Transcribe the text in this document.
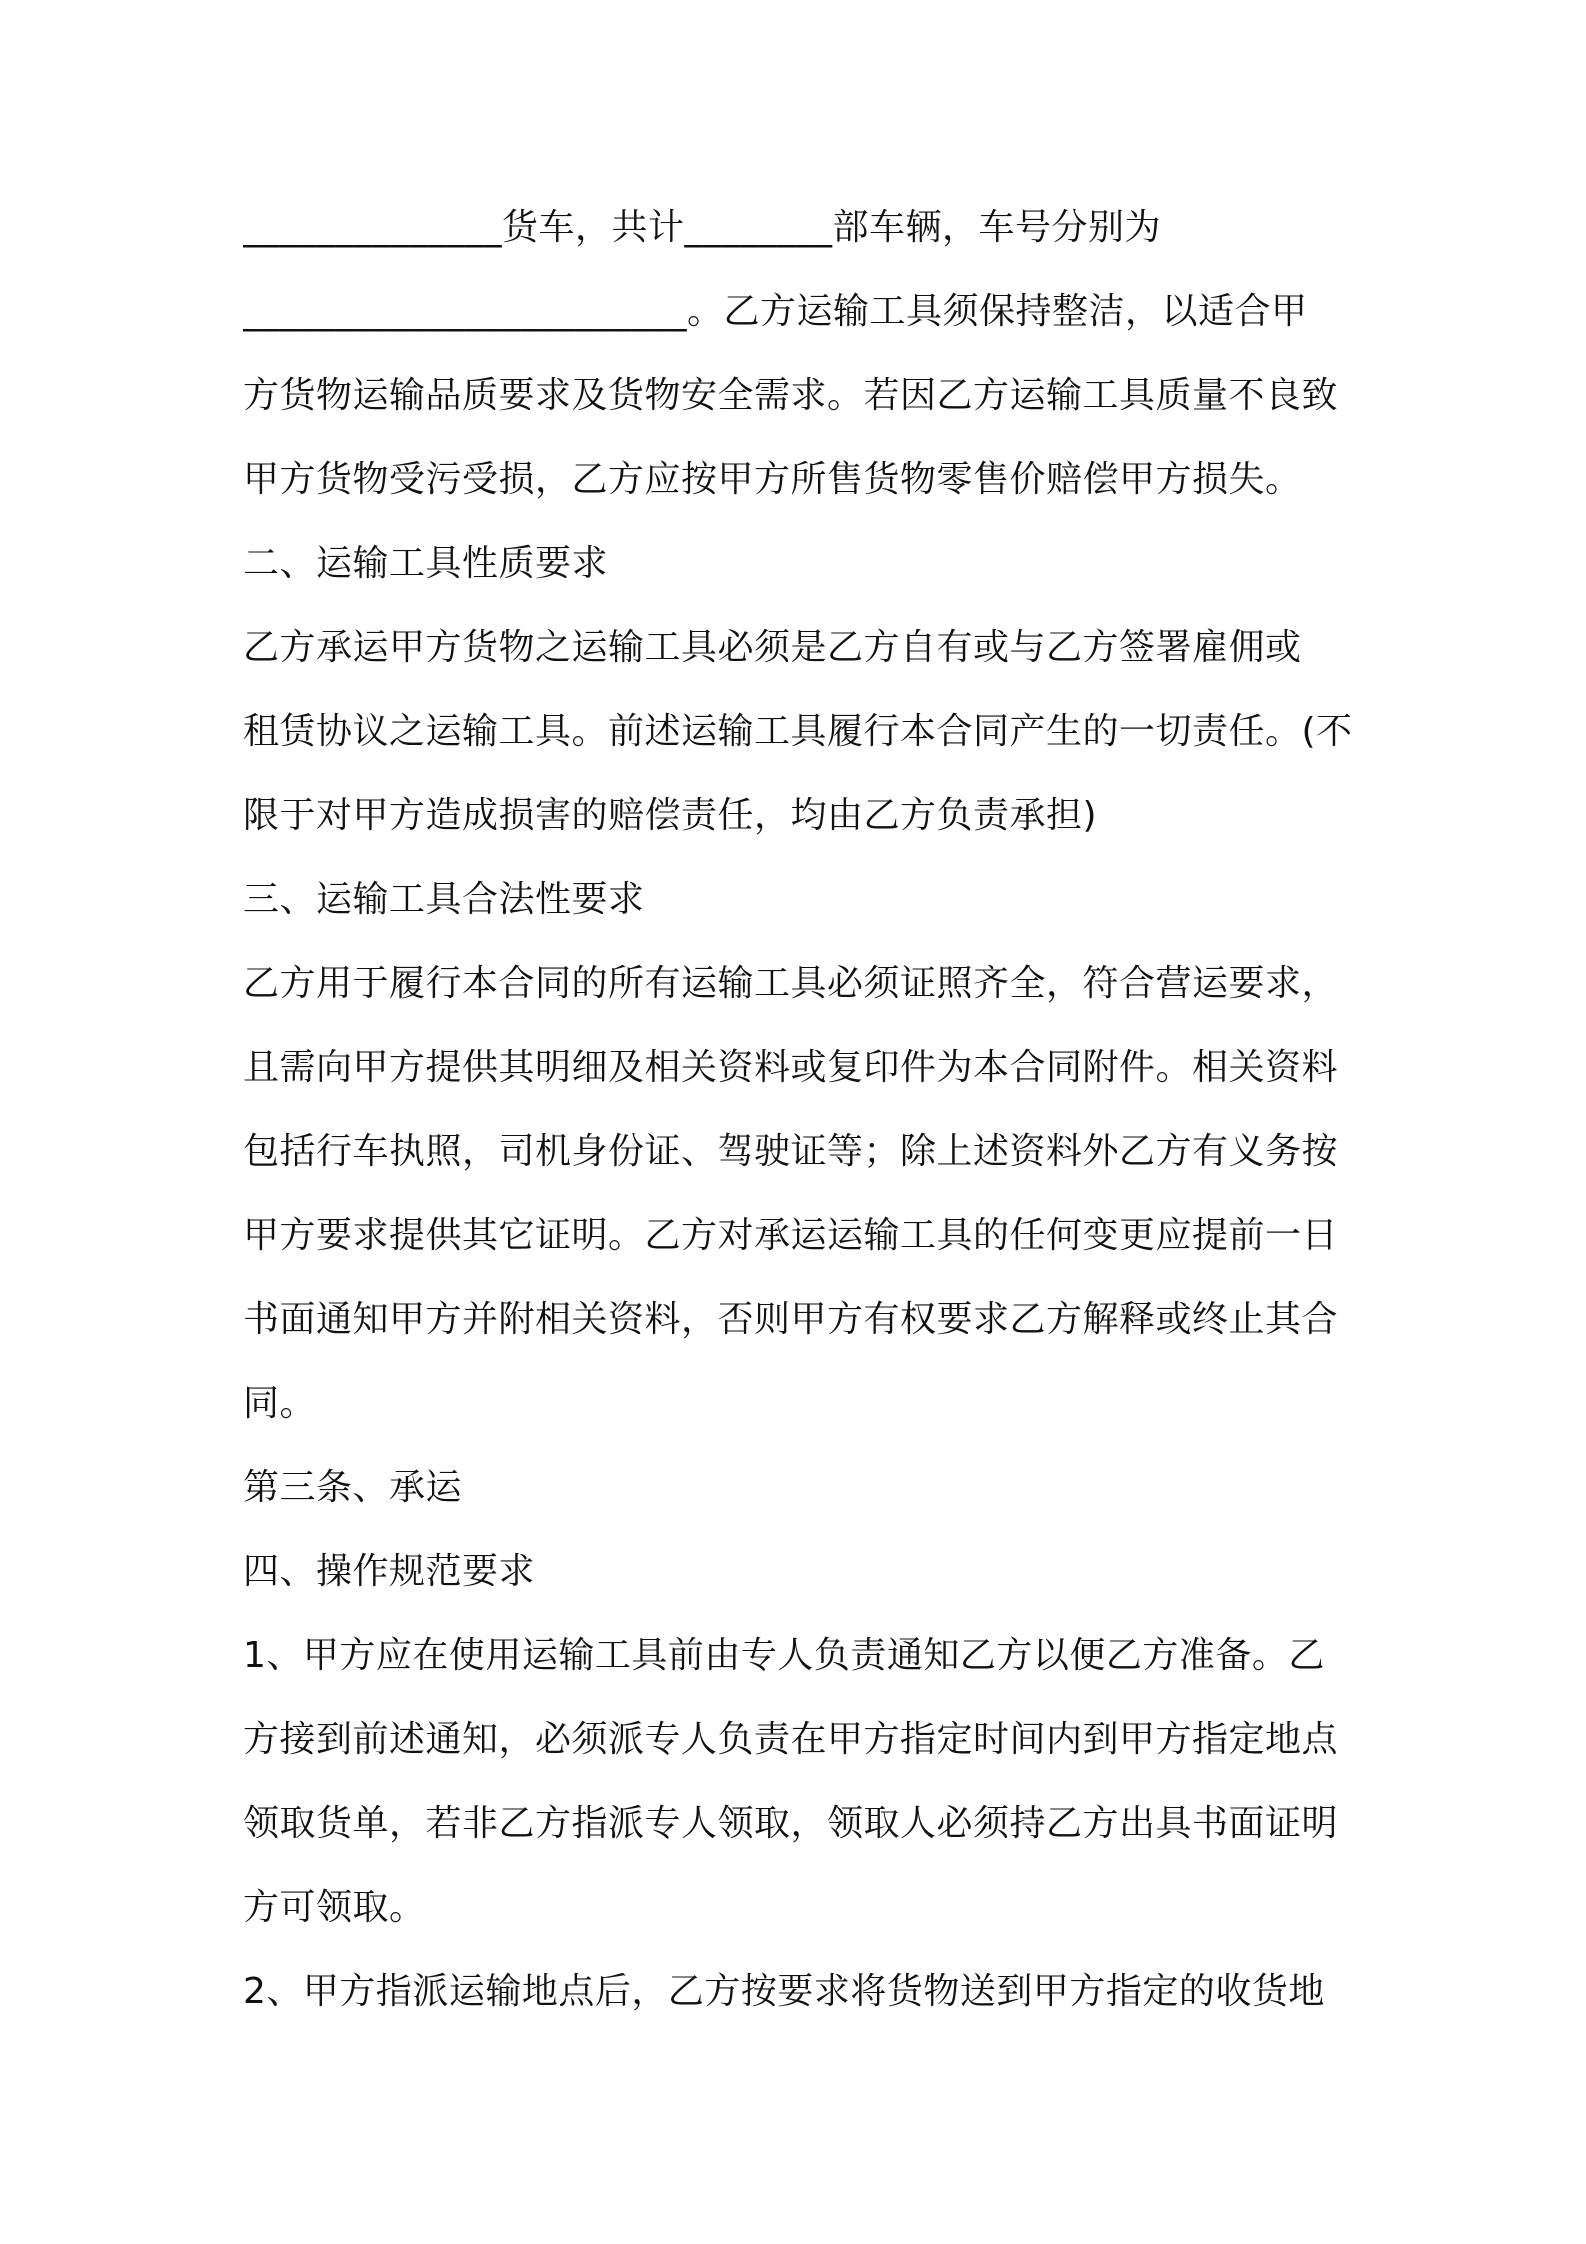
______________货车，共计________部车辆，车号分别为
________________________。乙方运输工具须保持整洁，以适合甲
方货物运输品质要求及货物安全需求。若因乙方运输工具质量不良致
甲方货物受污受损，乙方应按甲方所售货物零售价赔偿甲方损失。
二、运输工具性质要求
乙方承运甲方货物之运输工具必须是乙方自有或与乙方签署雇佣或
租赁协议之运输工具。前述运输工具履行本合同产生的一切责任。(不
限于对甲方造成损害的赔偿责任，均由乙方负责承担)
三、运输工具合法性要求
乙方用于履行本合同的所有运输工具必须证照齐全，符合营运要求，
且需向甲方提供其明细及相关资料或复印件为本合同附件。相关资料
包括行车执照，司机身份证、驾驶证等；除上述资料外乙方有义务按
甲方要求提供其它证明。乙方对承运运输工具的任何变更应提前一日
书面通知甲方并附相关资料，否则甲方有权要求乙方解释或终止其合
同。
第三条、承运
四、操作规范要求
1、甲方应在使用运输工具前由专人负责通知乙方以便乙方准备。乙
方接到前述通知，必须派专人负责在甲方指定时间内到甲方指定地点
领取货单，若非乙方指派专人领取，领取人必须持乙方出具书面证明
方可领取。
2、甲方指派运输地点后，乙方按要求将货物送到甲方指定的收货地
